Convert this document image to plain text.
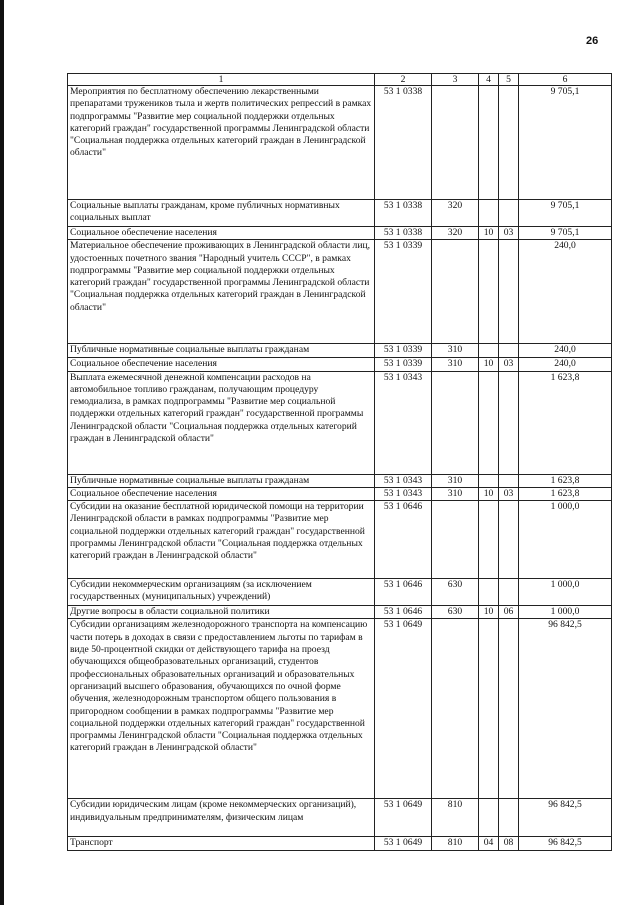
26
1	2	3	4	5	6
Мероприятия по бесплатному обеспечению лекарственными препаратами тружеников тыла и жертв политических репрессий в рамках подпрограммы "Развитие мер социальной поддержки отдельных категорий граждан" государственной программы Ленинградской области "Социальная поддержка отдельных категорий граждан в Ленинградской области"	53 1 0338				9 705,1
Социальные выплаты гражданам, кроме публичных нормативных социальных выплат	53 1 0338	320			9 705,1
Социальное обеспечение населения	53 1 0338	320	10	03	9 705,1
Материальное обеспечение проживающих в Ленинградской области лиц, удостоенных почетного звания "Народный учитель СССР", в рамках подпрограммы "Развитие мер социальной поддержки отдельных категорий граждан" государственной программы Ленинградской области "Социальная поддержка отдельных категорий граждан в Ленинградской области"	53 1 0339				240,0
Публичные нормативные социальные выплаты гражданам	53 1 0339	310			240,0
Социальное обеспечение населения	53 1 0339	310	10	03	240,0
Выплата ежемесячной денежной компенсации расходов на автомобильное топливо гражданам, получающим процедуру гемодиализа, в рамках подпрограммы "Развитие мер социальной поддержки отдельных категорий граждан" государственной программы Ленинградской области "Социальная поддержка отдельных категорий граждан в Ленинградской области"	53 1 0343				1 623,8
Публичные нормативные социальные выплаты гражданам	53 1 0343	310			1 623,8
Социальное обеспечение населения	53 1 0343	310	10	03	1 623,8
Субсидии на оказание бесплатной юридической помощи на территории Ленинградской области в рамках подпрограммы "Развитие мер социальной поддержки отдельных категорий граждан" государственной программы Ленинградской области "Социальная поддержка отдельных категорий граждан в Ленинградской области"	53 1 0646				1 000,0
Субсидии некоммерческим организациям (за исключением государственных (муниципальных) учреждений)	53 1 0646	630			1 000,0
Другие вопросы в области социальной политики	53 1 0646	630	10	06	1 000,0
Субсидии организациям железнодорожного транспорта на компенсацию части потерь в доходах в связи с предоставлением льготы по тарифам в виде 50-процентной скидки от действующего тарифа на проезд обучающихся общеобразовательных организаций, студентов профессиональных образовательных организаций и образовательных организаций высшего образования, обучающихся по очной форме обучения, железнодорожным транспортом общего пользования в пригородном сообщении в рамках подпрограммы "Развитие мер социальной поддержки отдельных категорий граждан" государственной программы Ленинградской области "Социальная поддержка отдельных категорий граждан в Ленинградской области"	53 1 0649				96 842,5
Субсидии юридическим лицам (кроме некоммерческих организаций), индивидуальным предпринимателям, физическим лицам	53 1 0649	810			96 842,5
Транспорт	53 1 0649	810	04	08	96 842,5
